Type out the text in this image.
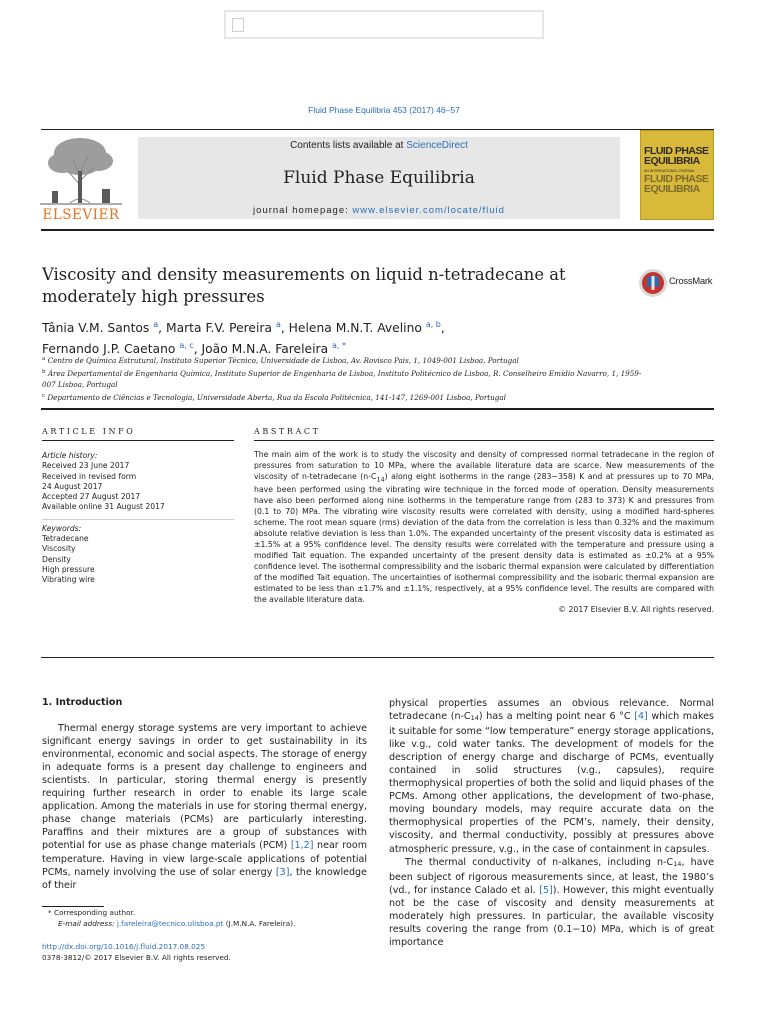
Fluid Phase Equilibria 453 (2017) 46–57
ELSEVIER
Contents lists available at ScienceDirect
Fluid Phase Equilibria
journal homepage: www.elsevier.com/locate/fluid
FLUID PHASE
EQUILIBRIA
AN INTERNATIONAL JOURNAL
FLUID PHASE
EQUILIBRIA
Viscosity and density measurements on liquid n-tetradecane at
moderately high pressures
CrossMark
Tânia V.M. Santos $^a$, Marta F.V. Pereira $^a$, Helena M.N.T. Avelino $^{a, b}$,
Fernando J.P. Caetano $^{a, c}$, João M.N.A. Fareleira $^{a, *}$

$^a$ Centro de Química Estrutural, Instituto Superior Técnico, Universidade de Lisboa, Av. Rovisco Pais, 1, 1049-001 Lisboa, Portugal

$^b$ Área Departamental de Engenharia Química, Instituto Superior de Engenharia de Lisboa, Instituto Politécnico de Lisboa, R. Conselheiro Emídio Navarro, 1, 1959-007 Lisboa, Portugal

$^c$ Departamento de Ciências e Tecnologia, Universidade Aberta, Rua da Escola Politécnica, 141-147, 1269-001 Lisboa, Portugal

ARTICLE INFO	ABSTRACT
Article history:
Received 23 June 2017
Received in revised form
24 August 2017
Accepted 27 August 2017
Available online 31 August 2017
Keywords:
Tetradecane
Viscosity
Density
High pressure
Vibrating wire
The main aim of the work is to study the viscosity and density of compressed normal tetradecane in the region of pressures from saturation to 10 MPa, where the available literature data are scarce. New measurements of the viscosity of n-tetradecane $(n-C_{14})$ along eight isotherms in the range (283−358) K and at pressures up to 70 MPa, have been performed using the vibrating wire technique in the forced mode of operation. Density measurements have also been performed along nine isotherms in the temperature range from (283 to 373) K and pressures from (0.1 to 70) MPa. The vibrating wire viscosity results were correlated with density, using a modified hard-spheres scheme. The root mean square (rms) deviation of the data from the correlation is less than 0.32% and the maximum absolute relative deviation is less than 1.0%. The expanded uncertainty of the present viscosity data is estimated as ±1.5% at a 95% confidence level. The density results were correlated with the temperature and pressure using a modified Tait equation. The expanded uncertainty of the present density data is estimated as ±0.2% at a 95% confidence level. The isothermal compressibility and the isobaric thermal expansion were calculated by differentiation of the modified Tait equation. The uncertainties of isothermal compressibility and the isobaric thermal expansion are estimated to be less than ±1.7% and ±1.1%, respectively, at a 95% confidence level. The results are compared with the available literature data.
© 2017 Elsevier B.V. All rights reserved.
1. Introduction

Thermal energy storage systems are very important to achieve significant energy savings in order to get sustainability in its environmental, economic and social aspects. The storage of energy in adequate forms is a present day challenge to engineers and scientists. In particular, storing thermal energy is presently requiring further research in order to enable its large scale application. Among the materials in use for storing thermal energy, phase change materials (PCMs) are particularly interesting. Paraffins and their mixtures are a group of substances with potential for use as phase change materials (PCM) [1,2] near room temperature. Having in view large-scale applications of potential PCMs, namely involving the use of solar energy [3], the knowledge of their

physical properties assumes an obvious relevance. Normal tetradecane $(n-C_{14})$ has a melting point near 6 °C [4] which makes it suitable for some “low temperature” energy storage applications, like v.g., cold water tanks. The development of models for the description of energy charge and discharge of PCMs, eventually contained in solid structures (v.g., capsules), require thermophysical properties of both the solid and liquid phases of the PCMs. Among other applications, the development of two-phase, moving boundary models, may require accurate data on the thermophysical properties of the PCM’s, namely, their density, viscosity, and thermal conductivity, possibly at pressures above atmospheric pressure, v.g., in the case of containment in capsules.

The thermal conductivity of n-alkanes, including $n-C_{14}$, have been subject of rigorous measurements since, at least, the 1980’s (vd., for instance Calado et al. [5]). However, this might eventually not be the case of viscosity and density measurements at moderately high pressures. In particular, the available viscosity results covering the range from (0.1−10) MPa, which is of great importance

* Corresponding author.
E-mail address: j.fareleira@tecnico.ulisboa.pt (J.M.N.A. Fareleira).
http://dx.doi.org/10.1016/j.fluid.2017.08.025
0378-3812/© 2017 Elsevier B.V. All rights reserved.
